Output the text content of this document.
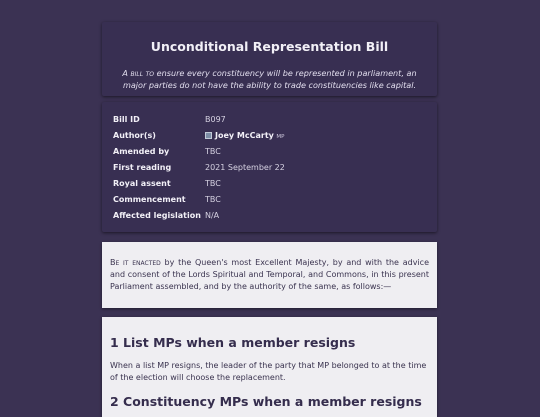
Unconditional Representation Bill

A bill to ensure every constituency will be represented in parliament, an major parties do not have the ability to trade constituencies like capital.

Bill ID	B097
Author(s)	Joey McCarty MP
Amended by	TBC
First reading	2021 September 22
Royal assent	TBC
Commencement TBC
Affected legislation N/A

Be it enacted by the Queen's most Excellent Majesty, by and with the advice and consent of the Lords Spiritual and Temporal, and Commons, in this present Parliament assembled, and by the authority of the same, as follows:—

1 List MPs when a member resigns

When a list MP resigns, the leader of the party that MP belonged to at the time of the election will choose the replacement.

2 Constituency MPs when a member resigns
